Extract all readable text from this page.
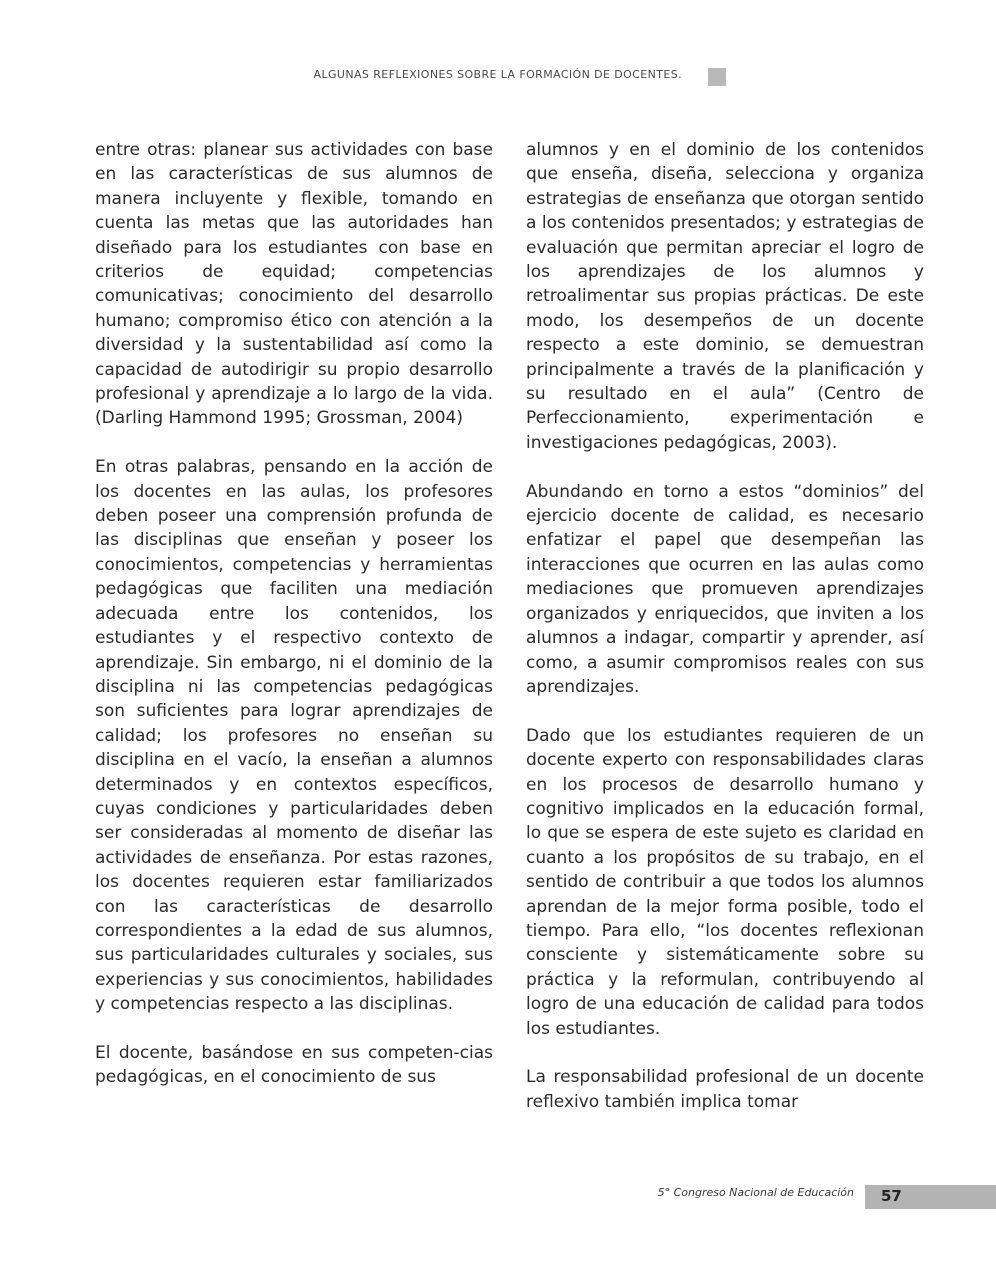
ALGUNAS REFLEXIONES SOBRE LA FORMACIÓN DE DOCENTES.

entre otras: planear sus actividades con base en las características de sus alumnos de manera incluyente y flexible, tomando en cuenta las metas que las autoridades han diseñado para los estudiantes con base en criterios de equidad; competencias comunicativas; conocimiento del desarrollo humano; compromiso ético con atención a la diversidad y la sustentabilidad así como la capacidad de autodirigir su propio desarrollo profesional y aprendizaje a lo largo de la vida. (Darling Hammond 1995; Grossman, 2004)

En otras palabras, pensando en la acción de los docentes en las aulas, los profesores deben poseer una comprensión profunda de las disciplinas que enseñan y poseer los conocimientos, competencias y herramientas pedagógicas que faciliten una mediación adecuada entre los contenidos, los estudiantes y el respectivo contexto de aprendizaje. Sin embargo, ni el dominio de la disciplina ni las competencias pedagógicas son suficientes para lograr aprendizajes de calidad; los profesores no enseñan su disciplina en el vacío, la enseñan a alumnos determinados y en contextos específicos, cuyas condiciones y particularidades deben ser consideradas al momento de diseñar las actividades de enseñanza. Por estas razones, los docentes requieren estar familiarizados con las características de desarrollo correspondientes a la edad de sus alumnos, sus particularidades culturales y sociales, sus experiencias y sus conocimientos, habilidades y competencias respecto a las disciplinas.

El docente, basándose en sus competen-cias pedagógicas, en el conocimiento de sus

alumnos y en el dominio de los contenidos que enseña, diseña, selecciona y organiza estrategias de enseñanza que otorgan sentido a los contenidos presentados; y estrategias de evaluación que permitan apreciar el logro de los aprendizajes de los alumnos y retroalimentar sus propias prácticas. De este modo, los desempeños de un docente respecto a este dominio, se demuestran principalmente a través de la planificación y su resultado en el aula” (Centro de Perfeccionamiento, experimentación e investigaciones pedagógicas, 2003).

Abundando en torno a estos “dominios” del ejercicio docente de calidad, es necesario enfatizar el papel que desempeñan las interacciones que ocurren en las aulas como mediaciones que promueven aprendizajes organizados y enriquecidos, que inviten a los alumnos a indagar, compartir y aprender, así como, a asumir compromisos reales con sus aprendizajes.

Dado que los estudiantes requieren de un docente experto con responsabilidades claras en los procesos de desarrollo humano y cognitivo implicados en la educación formal, lo que se espera de este sujeto es claridad en cuanto a los propósitos de su trabajo, en el sentido de contribuir a que todos los alumnos aprendan de la mejor forma posible, todo el tiempo. Para ello, “los docentes reflexionan consciente y sistemáticamente sobre su práctica y la reformulan, contribuyendo al logro de una educación de calidad para todos los estudiantes.

La responsabilidad profesional de un docente reflexivo también implica tomar

5° Congreso Nacional de Educación 57
